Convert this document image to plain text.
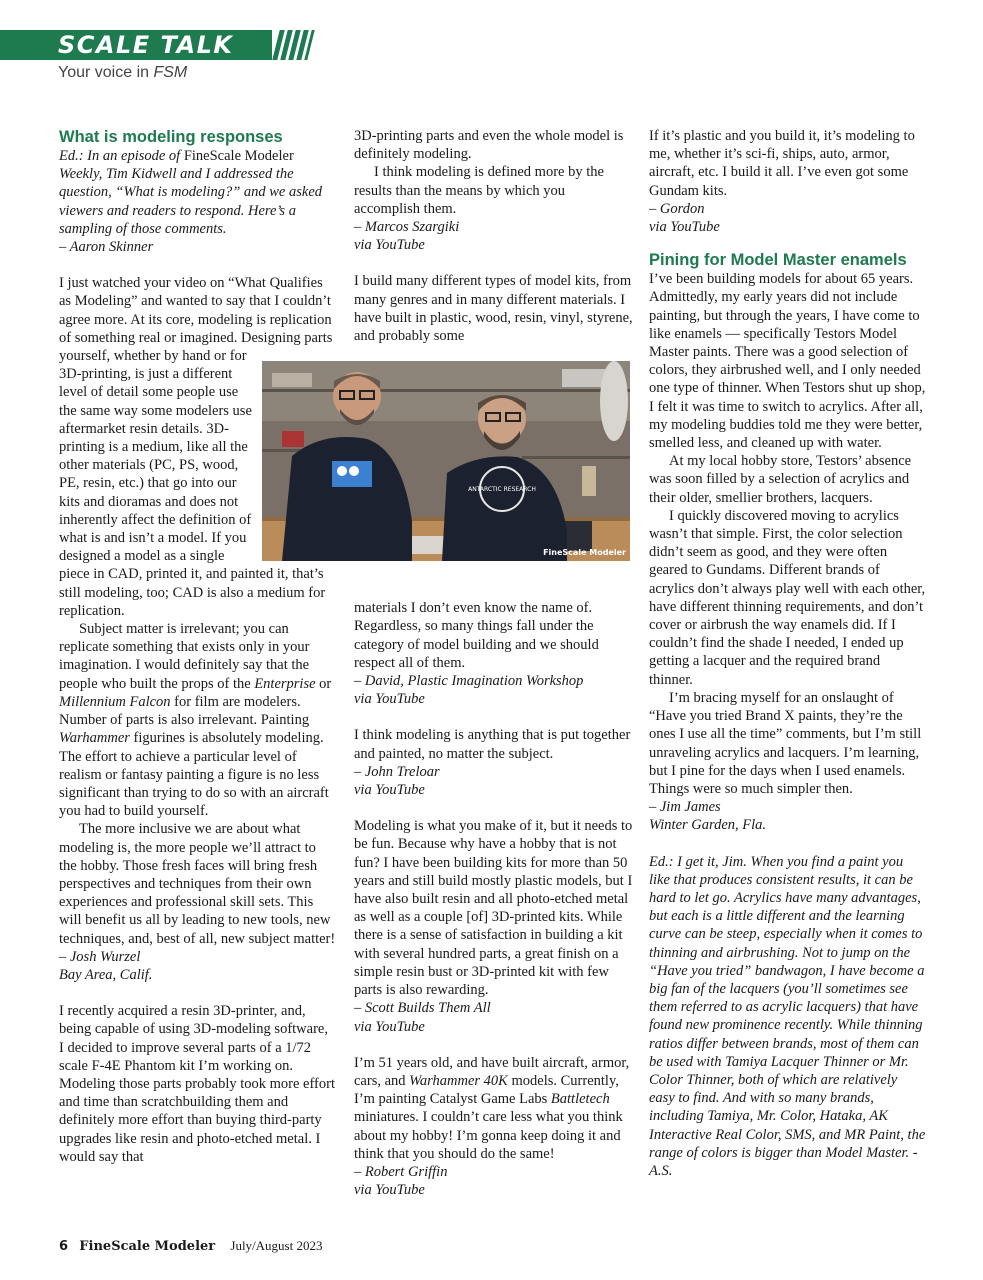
SCALE TALK
Your voice in FSM
What is modeling responses

Ed.: In an episode of FineScale Modeler Weekly, Tim Kidwell and I addressed the question, “What is modeling?” and we asked viewers and readers to respond. Here’s a sampling of those comments.

– Aaron Skinner

I just watched your video on “What Qualifies as Modeling” and wanted to say that I couldn’t agree more. At its core, modeling is replication of something real or imagined. Designing parts yourself, whether by hand or for 3D-printing, is just a different level of detail some people use the same way some modelers use aftermarket resin details. 3D-printing is a medium, like all the other materials (PC, PS, wood, PE, resin, etc.) that go into our kits and dioramas and does not inherently affect the definition of what is and isn’t a model. If you designed a model as a single piece in CAD, printed it, and painted it, that’s still modeling, too; CAD is also a medium for replication.

Subject matter is irrelevant; you can replicate something that exists only in your imagination. I would definitely say that the people who built the props of the Enterprise or Millennium Falcon for film are modelers. Number of parts is also irrelevant. Painting Warhammer figurines is absolutely modeling. The effort to achieve a particular level of realism or fantasy painting a figure is no less significant than trying to do so with an aircraft you had to build yourself.

The more inclusive we are about what modeling is, the more people we’ll attract to the hobby. Those fresh faces will bring fresh perspectives and techniques from their own experiences and professional skill sets. This will benefit us all by leading to new tools, new techniques, and, best of all, new subject matter!

– Josh Wurzel

Bay Area, Calif.

I recently acquired a resin 3D-printer, and, being capable of using 3D-modeling software, I decided to improve several parts of a 1/72 scale F-4E Phantom kit I’m working on. Modeling those parts probably took more effort and time than scratchbuilding them and definitely more effort than buying third-party upgrades like resin and photo-etched metal. I would say that

3D-printing parts and even the whole model is definitely modeling.

I think modeling is defined more by the results than the means by which you accomplish them.

– Marcos Szargiki

via YouTube

I build many different types of model kits, from many genres and in many different materials. I have built in plastic, wood, resin, vinyl, styrene, and probably some

materials I don’t even know the name of. Regardless, so many things fall under the category of model building and we should respect all of them.

– David, Plastic Imagination Workshop

via YouTube

I think modeling is anything that is put together and painted, no matter the subject.

– John Treloar

via YouTube

Modeling is what you make of it, but it needs to be fun. Because why have a hobby that is not fun? I have been building kits for more than 50 years and still build mostly plastic models, but I have also built resin and all photo-etched metal as well as a couple [of] 3D-printed kits. While there is a sense of satisfaction in building a kit with several hundred parts, a great finish on a simple resin bust or 3D-printed kit with few parts is also rewarding.

– Scott Builds Them All

via YouTube

I’m 51 years old, and have built aircraft, armor, cars, and Warhammer 40K models. Currently, I’m painting Catalyst Game Labs Battletech miniatures. I couldn’t care less what you think about my hobby! I’m gonna keep doing it and think that you should do the same!

– Robert Griffin

via YouTube

If it’s plastic and you build it, it’s modeling to me, whether it’s sci-fi, ships, auto, armor, aircraft, etc. I build it all. I’ve even got some Gundam kits.

– Gordon

via YouTube

Pining for Model Master enamels

I’ve been building models for about 65 years. Admittedly, my early years did not include painting, but through the years, I have come to like enamels — specifically Testors Model Master paints. There was a good selection of colors, they airbrushed well, and I only needed one type of thinner. When Testors shut up shop, I felt it was time to switch to acrylics. After all, my modeling buddies told me they were better, smelled less, and cleaned up with water.

At my local hobby store, Testors’ absence was soon filled by a selection of acrylics and their older, smellier brothers, lacquers.

I quickly discovered moving to acrylics wasn’t that simple. First, the color selection didn’t seem as good, and they were often geared to Gundams. Different brands of acrylics don’t always play well with each other, have different thinning requirements, and don’t cover or airbrush the way enamels did. If I couldn’t find the shade I needed, I ended up getting a lacquer and the required brand thinner.

I’m bracing myself for an onslaught of “Have you tried Brand X paints, they’re the ones I use all the time” comments, but I’m still unraveling acrylics and lacquers. I’m learning, but I pine for the days when I used enamels. Things were so much simpler then.

– Jim James

Winter Garden, Fla.

Ed.: I get it, Jim. When you find a paint you like that produces consistent results, it can be hard to let go. Acrylics have many advantages, but each is a little different and the learning curve can be steep, especially when it comes to thinning and airbrushing. Not to jump on the “Have you tried” bandwagon, I have become a big fan of the lacquers (you’ll sometimes see them referred to as acrylic lacquers) that have found new prominence recently. While thinning ratios differ between brands, most of them can be used with Tamiya Lacquer Thinner or Mr. Color Thinner, both of which are relatively easy to find. And with so many brands, including Tamiya, Mr. Color, Hataka, AK Interactive Real Color, SMS, and MR Paint, the range of colors is bigger than Model Master. - A.S.

ANTARCTIC RESEARCH
FineScale Modeler
6 FineScale Modeler July/August 2023
